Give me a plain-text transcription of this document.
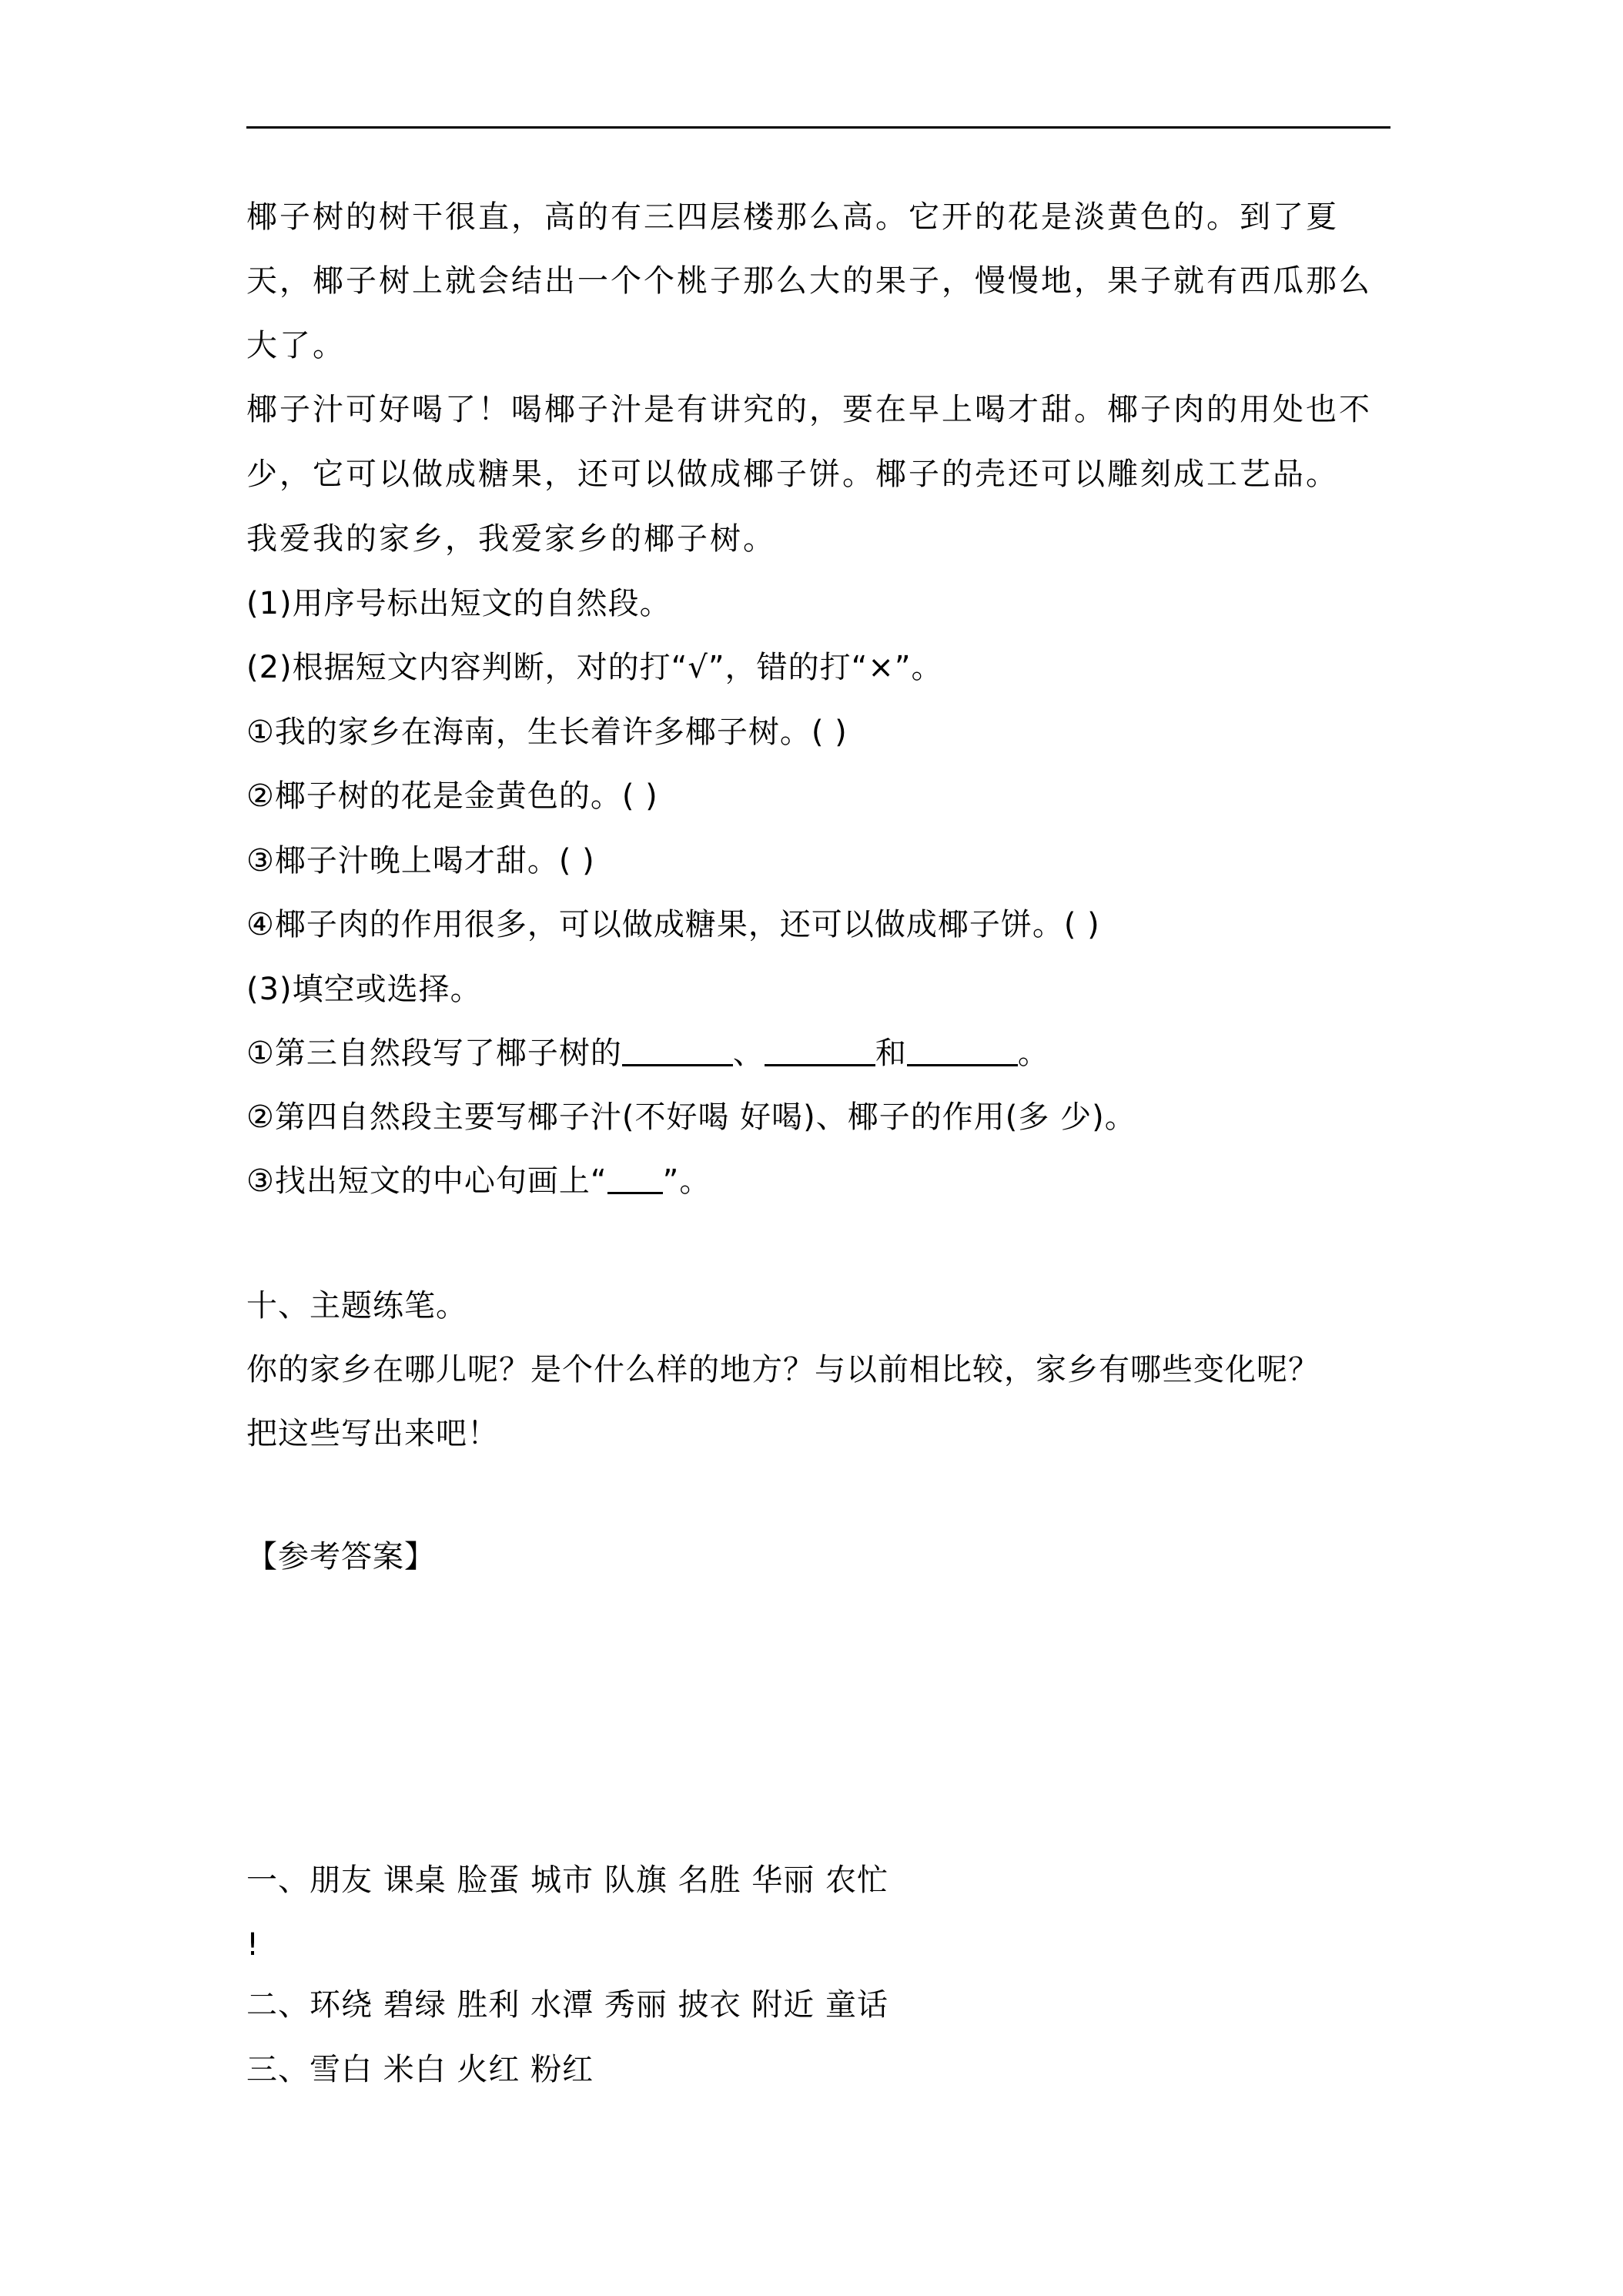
椰子树的树干很直，高的有三四层楼那么高。它开的花是淡黄色的。到了夏
天，椰子树上就会结出一个个桃子那么大的果子，慢慢地，果子就有西瓜那么
大了。
椰子汁可好喝了！喝椰子汁是有讲究的，要在早上喝才甜。椰子肉的用处也不
少，它可以做成糖果，还可以做成椰子饼。椰子的壳还可以雕刻成工艺品。
我爱我的家乡，我爱家乡的椰子树。
(1)用序号标出短文的自然段。
(2)根据短文内容判断，对的打“√”，错的打“×”。
①我的家乡在海南，生长着许多椰子树。( )
②椰子树的花是金黄色的。( )
③椰子汁晚上喝才甜。( )
④椰子肉的作用很多，可以做成糖果，还可以做成椰子饼。( )
(3)填空或选择。
①第三自然段写了椰子树的	、	和	。
②第四自然段主要写椰子汁(不好喝 好喝)、椰子的作用(多 少)。
③找出短文的中心句画上“ ”。
十、主题练笔。
你的家乡在哪儿呢？是个什么样的地方？与以前相比较，家乡有哪些变化呢？
把这些写出来吧！
【参考答案】
一、朋友 课桌 脸蛋 城市 队旗 名胜 华丽 农忙
!
二、环绕 碧绿 胜利 水潭 秀丽 披衣 附近 童话
三、雪白 米白 火红 粉红
